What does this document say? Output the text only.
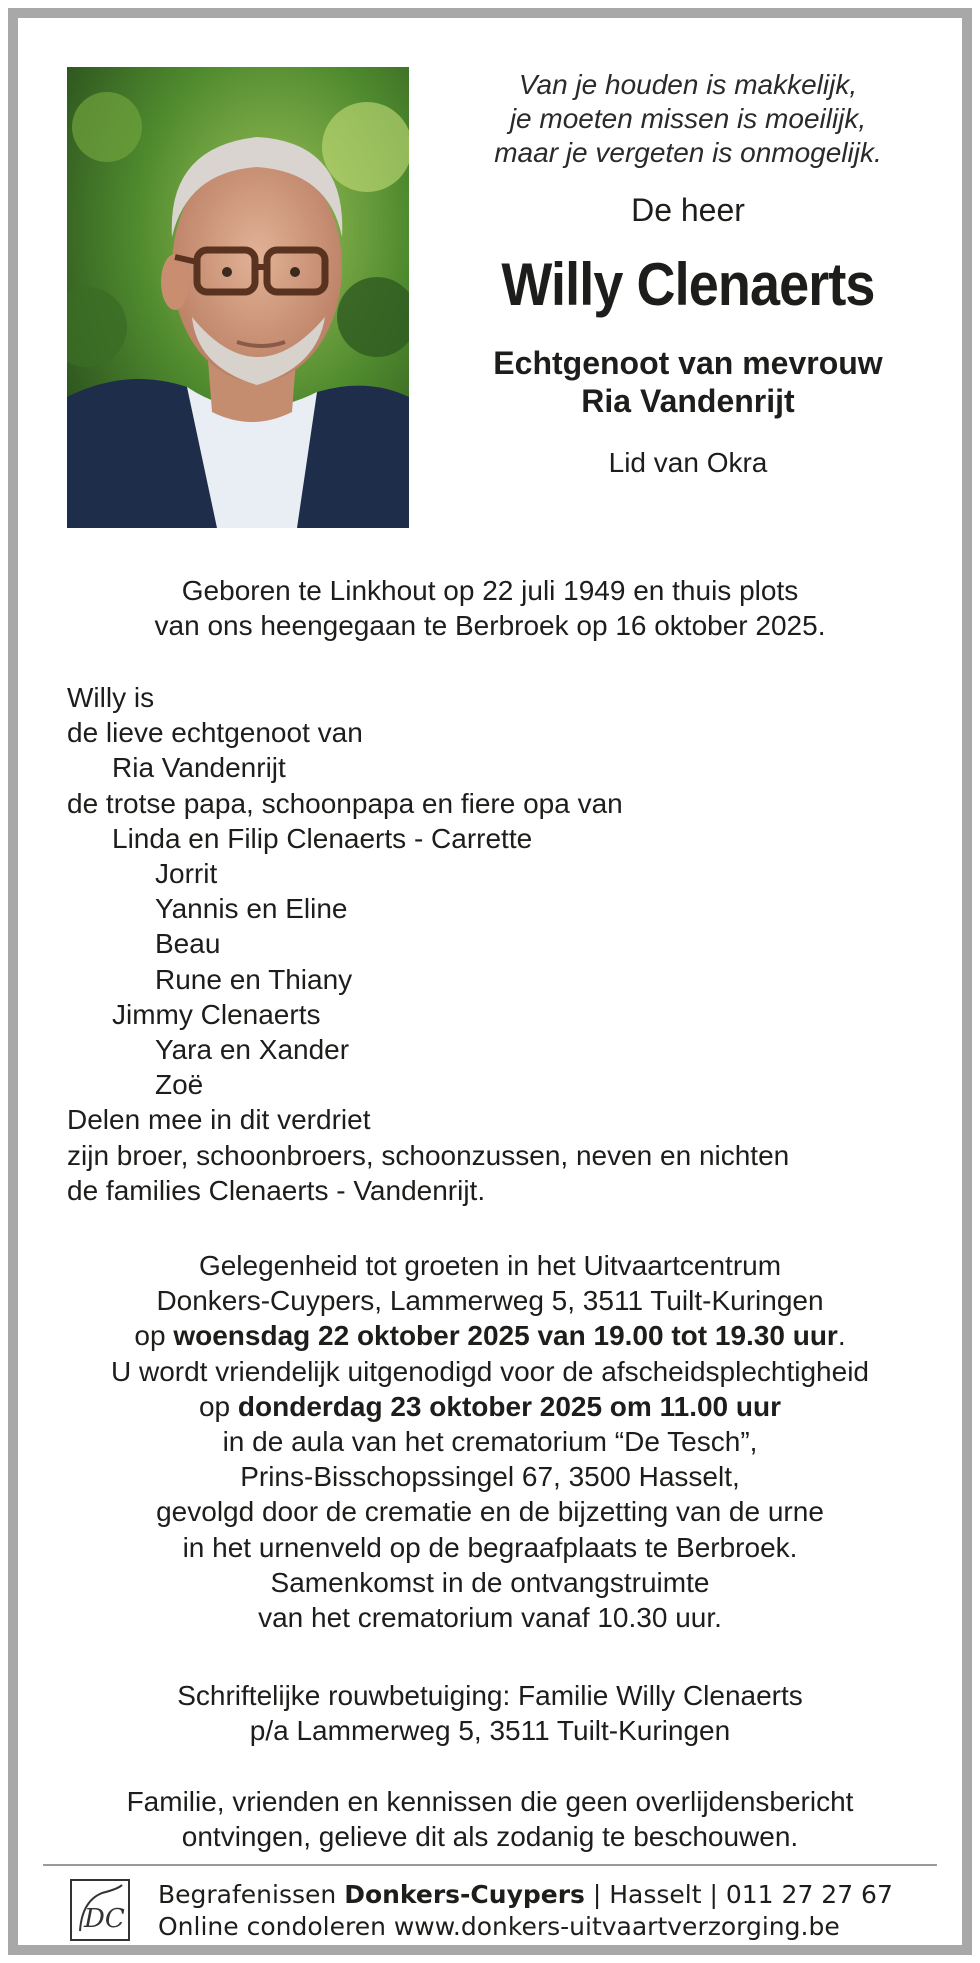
Van je houden is makkelijk,
je moeten missen is moeilijk,
maar je vergeten is onmogelijk.
De heer
Willy Clenaerts
Echtgenoot van mevrouw
Ria Vandenrijt
Lid van Okra
Geboren te Linkhout op 22 juli 1949 en thuis plots
van ons heengegaan te Berbroek op 16 oktober 2025.
Willy is
de lieve echtgenoot van
Ria Vandenrijt
de trotse papa, schoonpapa en fiere opa van
Linda en Filip Clenaerts - Carrette
Jorrit
Yannis en Eline
Beau
Rune en Thiany
Jimmy Clenaerts
Yara en Xander
Zoë
Delen mee in dit verdriet
zijn broer, schoonbroers, schoonzussen, neven en nichten
de families Clenaerts - Vandenrijt.
Gelegenheid tot groeten in het Uitvaartcentrum
Donkers-Cuypers, Lammerweg 5, 3511 Tuilt-Kuringen
op woensdag 22 oktober 2025 van 19.00 tot 19.30 uur.
U wordt vriendelijk uitgenodigd voor de afscheidsplechtigheid
op donderdag 23 oktober 2025 om 11.00 uur
in de aula van het crematorium “De Tesch”,
Prins-Bisschopssingel 67, 3500 Hasselt,
gevolgd door de crematie en de bijzetting van de urne
in het urnenveld op de begraafplaats te Berbroek.
Samenkomst in de ontvangstruimte
van het crematorium vanaf 10.30 uur.
Schriftelijke rouwbetuiging: Familie Willy Clenaerts
p/a Lammerweg 5, 3511 Tuilt-Kuringen
Familie, vrienden en kennissen die geen overlijdensbericht
ontvingen, gelieve dit als zodanig te beschouwen.
DC
Begrafenissen Donkers-Cuypers | Hasselt | 011 27 27 67
Online condoleren www.donkers-uitvaartverzorging.be
